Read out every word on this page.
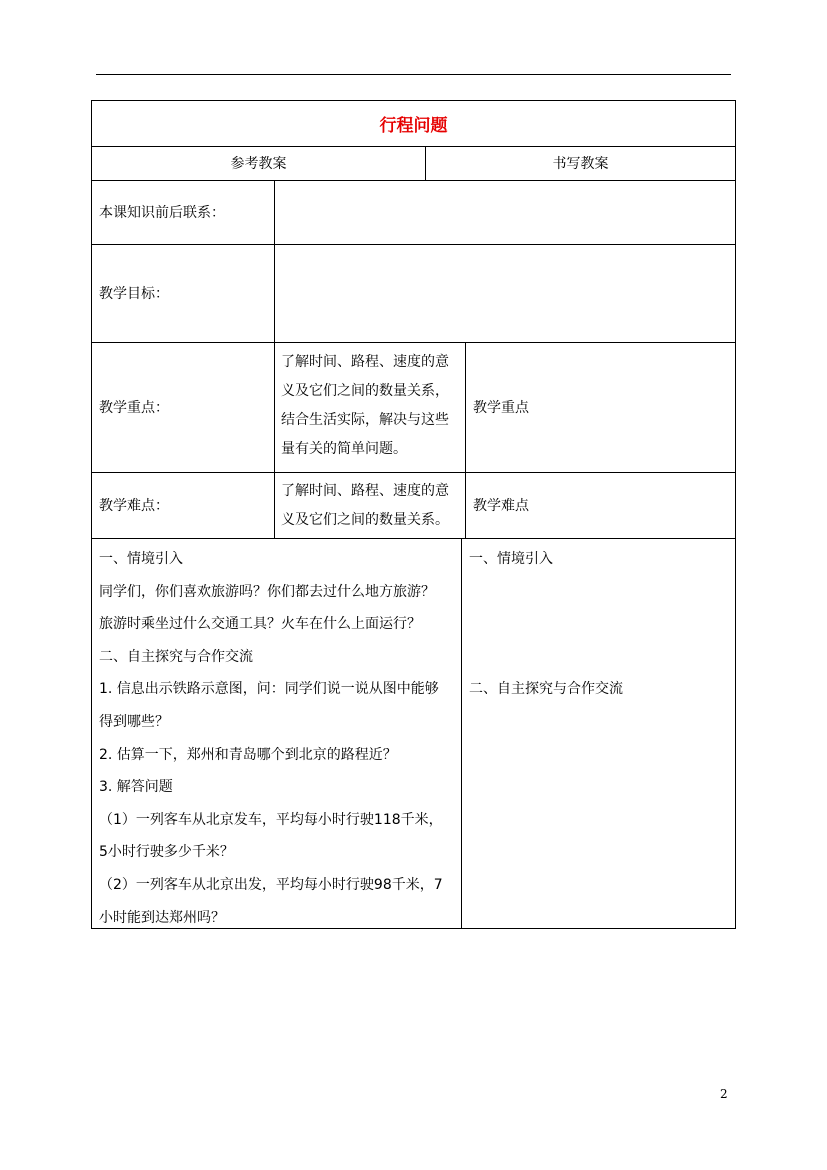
行程问题
参考教案	书写教案
本课知识前后联系：
教学目标：
教学重点：

了解时间、路程、速度的意

义及它们之间的数量关系，

结合生活实际，解决与这些

量有关的简单问题。

教学重点
教学难点：

了解时间、路程、速度的意

义及它们之间的数量关系。

教学难点

一、情境引入

同学们，你们喜欢旅游吗？你们都去过什么地方旅游？

旅游时乘坐过什么交通工具？火车在什么上面运行？

二、自主探究与合作交流

1. 信息出示铁路示意图，问：同学们说一说从图中能够

得到哪些？

2. 估算一下，郑州和青岛哪个到北京的路程近？

3. 解答问题

（1）一列客车从北京发车，平均每小时行驶118千米，

5小时行驶多少千米？

（2）一列客车从北京出发，平均每小时行驶98千米，7

小时能到达郑州吗？

一、情境引入
二、自主探究与合作交流
2
